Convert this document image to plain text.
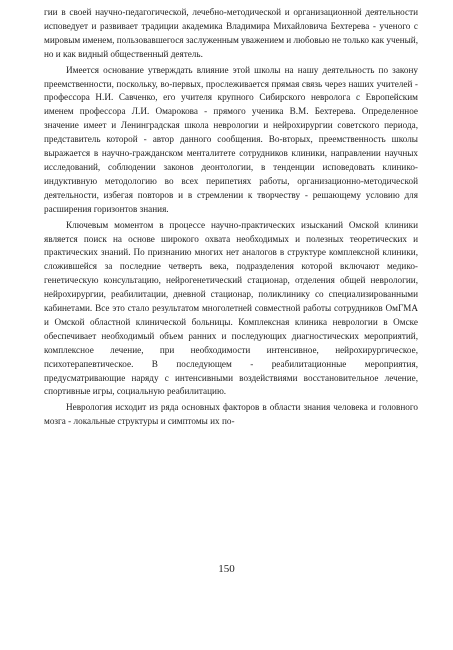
гии в своей научно-педагогической, лечебно-методической и организационной деятельности исповедует и развивает традиции академика Владимира Михайловича Бехтерева - ученого с мировым именем, пользовавшегося заслуженным уважением и любовью не только как ученый, но и как видный общественный деятель.

Имеется основание утверждать влияние этой школы на нашу деятельность по закону преемственности, поскольку, во-первых, прослеживается прямая связь через наших учителей - профессора Н.И. Савченко, его учителя крупного Сибирского невролога с Европейским именем профессора Л.И. Омарокова - прямого ученика В.М. Бехтерева. Определенное значение имеет и Ленинградская школа неврологии и нейрохирургии советского периода, представитель которой - автор данного сообщения. Во-вторых, преемственность школы выражается в научно-гражданском менталитете сотрудников клиники, направлении научных исследований, соблюдении законов деонтологии, в тенденции исповедовать клинико-индуктивную методологию во всех перипетиях работы, организационно-методической деятельности, избегая повторов и в стремлении к творчеству - решающему условию для расширения горизонтов знания.

Ключевым моментом в процессе научно-практических изысканий Омской клиники является поиск на основе широкого охвата необходимых и полезных теоретических и практических знаний. По признанию многих нет аналогов в структуре комплексной клиники, сложившейся за последние четверть века, подразделения которой включают медико-генетическую консультацию, нейрогенетический стационар, отделения общей неврологии, нейрохирургии, реабилитации, дневной стационар, поликлинику со специализированными кабинетами. Все это стало результатом многолетней совместной работы сотрудников ОмГМА и Омской областной клинической больницы. Комплексная клиника неврологии в Омске обеспечивает необходимый объем ранних и последующих диагностических мероприятий, комплексное лечение, при необходимости интенсивное, нейрохирургическое, психотерапевтическое. В последующем - реабилитационные мероприятия, предусматривающие наряду с интенсивными воздействиями восстановительное лечение, спортивные игры, социальную реабилитацию.

Неврология исходит из ряда основных факторов в области знания человека и головного мозга - локальные структуры и симптомы их по-

150
